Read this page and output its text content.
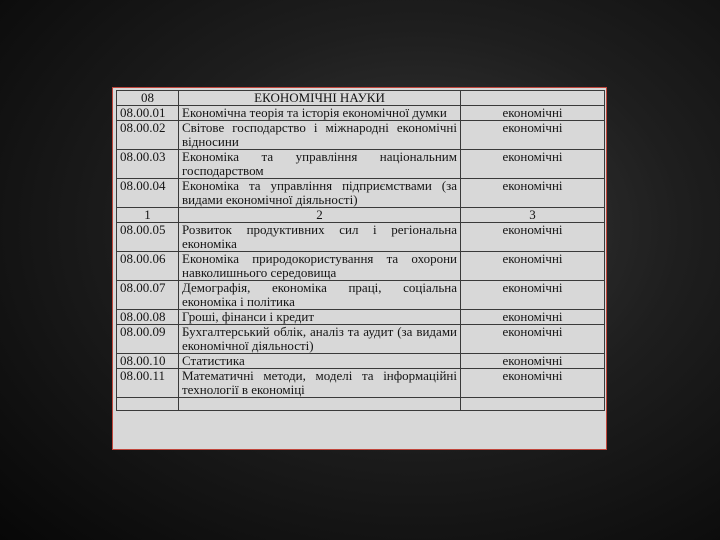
08	ЕКОНОМІЧНІ НАУКИ	
08.00.01	Економічна теорія та історія економічної думки	економічні
08.00.02	Світове господарство і міжнародні економічні відносини	економічні
08.00.03	Економіка та управління національним господарством	економічні
08.00.04	Економіка та управління підприємствами (за видами економічної діяльності)	економічні
1	2	3
08.00.05	Розвиток продуктивних сил і регіональна економіка	економічні
08.00.06	Економіка природокористування та охорони навколишнього середовища	економічні
08.00.07	Демографія, економіка праці, соціальна економіка і політика	економічні
08.00.08	Гроші, фінанси і кредит	економічні
08.00.09	Бухгалтерський облік, аналіз та аудит (за видами економічної діяльності)	економічні
08.00.10	Статистика	економічні
08.00.11	Математичні методи, моделі та інформаційні технології в економіці	економічні
